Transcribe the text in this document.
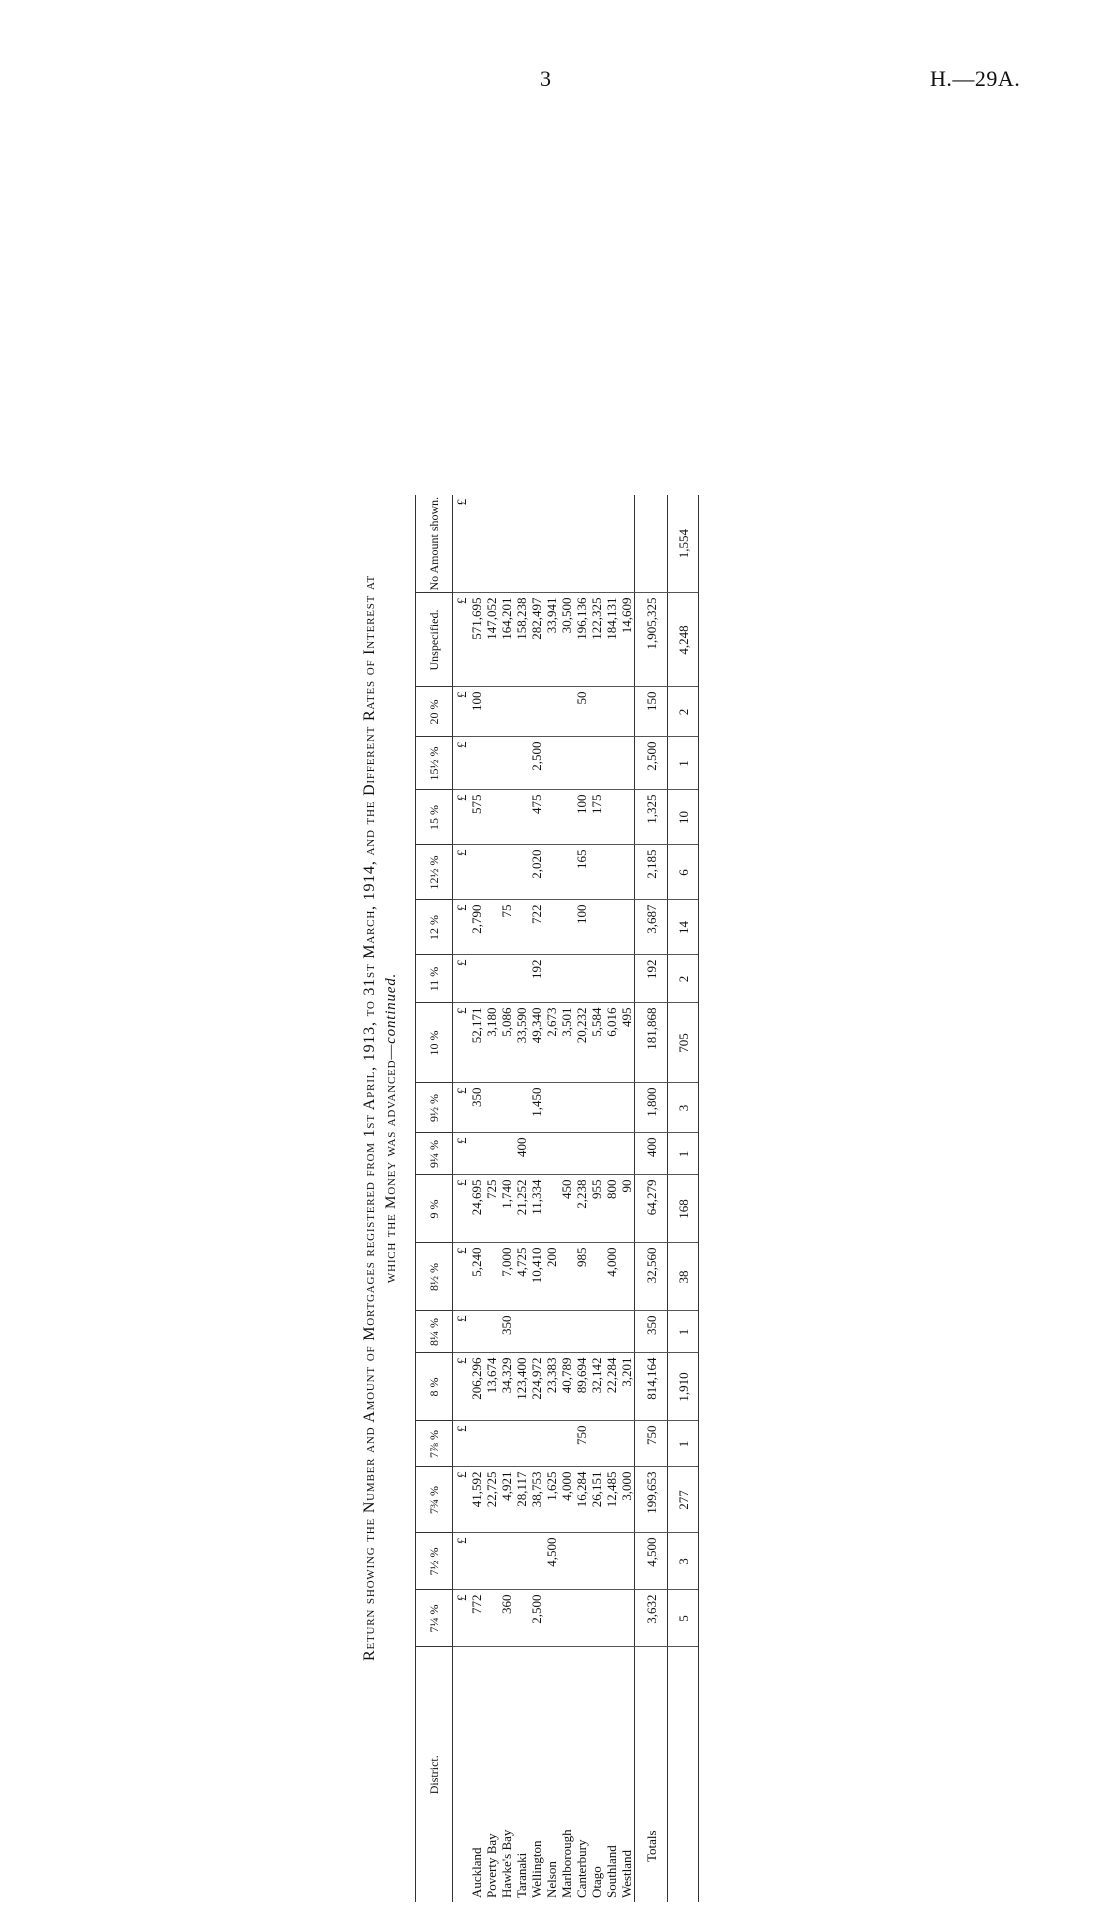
3	H.—29A.
Return showing the Number and Amount of Mortgages registered from 1st April, 1913, to 31st March, 1914, and the Different Rates of Interest at which the Money was advanced—continued.
District.	7¼ %	7½ %	7¾ %	7⅞ %	8 %	8¼ %	8½ %	9 %	9¼ %	9½ %	10 %	11 %	12 %	12½ %	15 %	15½ %	20 %	Unspecified.	No Amount shown.
	£	£	£	£	£	£	£	£	£	£	£	£	£	£	£	£	£	£	£
Auckland	772		41,592		206,296		5,240	24,695		350	52,171		2,790		575		100	571,695	
Poverty Bay			22,725		13,674			725			3,180							147,052	
Hawke's Bay	360		4,921		34,329	350	7,000	1,740			5,086		75					164,201	
Taranaki			28,117		123,400		4,725	21,252	400		33,590							158,238	
Wellington	2,500		38,753		224,972		10,410	11,334		1,450	49,340	192	722	2,020	475	2,500		282,497	
Nelson		4,500	1,625		23,383		200				2,673							33,941	
Marlborough			4,000		40,789			450			3,501							30,500	
Canterbury			16,284	750	89,694		985	2,238			20,232		100	165	100		50	196,136	
Otago			26,151		32,142			955			5,584				175			122,325	
Southland			12,485		22,284		4,000	800			6,016							184,131	
Westland			3,000		3,201			90			495							14,609	
Totals	3,632	4,500	199,653	750	814,164	350	32,560	64,279	400	1,800	181,868	192	3,687	2,185	1,325	2,500	150	1,905,325	
	5	3	277	1	1,910	1	38	168	1	3	705	2	14	6	10	1	2	4,248	1,554
